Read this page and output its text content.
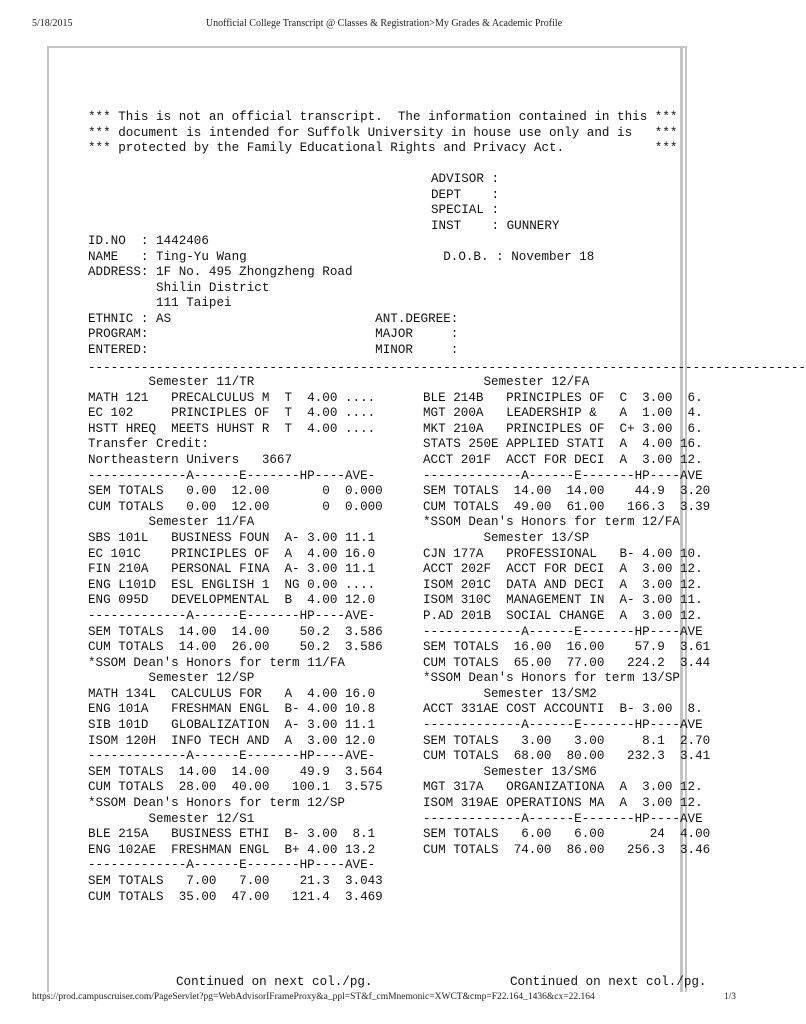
5/18/2015	Unofficial College Transcript @ Classes & Registration>My Grades & Academic Profile
*** This is not an official transcript.  The information contained in this ***
*** document is intended for Suffolk University in house use only and is   ***
*** protected by the Family Educational Rights and Privacy Act.            ***
ADVISOR :
DEPT    :
SPECIAL :
INST    : GUNNERY
ID.NO  : 1442406
NAME   : Ting-Yu Wang                          D.O.B. : November 18
ADDRESS: 1F No. 495 Zhongzheng Road
Shilin District
111 Taipei
ETHNIC : AS                           ANT.DEGREE:
PROGRAM:                              MAJOR     :
ENTERED:                              MINOR     :
-----------------------------------------------------------------------------------------------
Semester 11/TR
MATH 121   PRECALCULUS M  T  4.00 ....
EC 102     PRINCIPLES OF  T  4.00 ....
HSTT HREQ  MEETS HUHST R  T  4.00 ....
Transfer Credit:
Northeastern Univers   3667
-------------A------E-------HP----AVE-
SEM TOTALS   0.00  12.00       0  0.000
CUM TOTALS   0.00  12.00       0  0.000
Semester 11/FA
SBS 101L   BUSINESS FOUN  A- 3.00 11.1
EC 101C    PRINCIPLES OF  A  4.00 16.0
FIN 210A   PERSONAL FINA  A- 3.00 11.1
ENG L101D  ESL ENGLISH 1  NG 0.00 ....
ENG 095D   DEVELOPMENTAL  B  4.00 12.0
-------------A------E-------HP----AVE-
SEM TOTALS  14.00  14.00    50.2  3.586
CUM TOTALS  14.00  26.00    50.2  3.586
*SSOM Dean's Honors for term 11/FA
Semester 12/SP
MATH 134L  CALCULUS FOR   A  4.00 16.0
ENG 101A   FRESHMAN ENGL  B- 4.00 10.8
SIB 101D   GLOBALIZATION  A- 3.00 11.1
ISOM 120H  INFO TECH AND  A  3.00 12.0
-------------A------E-------HP----AVE-
SEM TOTALS  14.00  14.00    49.9  3.564
CUM TOTALS  28.00  40.00   100.1  3.575
*SSOM Dean's Honors for term 12/SP
Semester 12/S1
BLE 215A   BUSINESS ETHI  B- 3.00  8.1
ENG 102AE  FRESHMAN ENGL  B+ 4.00 13.2
-------------A------E-------HP----AVE-
SEM TOTALS   7.00   7.00    21.3  3.043
CUM TOTALS  35.00  47.00   121.4  3.469
Semester 12/FA
BLE 214B   PRINCIPLES OF  C  3.00  6.
MGT 200A   LEADERSHIP &   A  1.00  4.
MKT 210A   PRINCIPLES OF  C+ 3.00  6.
STATS 250E APPLIED STATI  A  4.00 16.
ACCT 201F  ACCT FOR DECI  A  3.00 12.
-------------A------E-------HP----AVE
SEM TOTALS  14.00  14.00    44.9  3.20
CUM TOTALS  49.00  61.00   166.3  3.39
*SSOM Dean's Honors for term 12/FA
Semester 13/SP
CJN 177A   PROFESSIONAL   B- 4.00 10.
ACCT 202F  ACCT FOR DECI  A  3.00 12.
ISOM 201C  DATA AND DECI  A  3.00 12.
ISOM 310C  MANAGEMENT IN  A- 3.00 11.
P.AD 201B  SOCIAL CHANGE  A  3.00 12.
-------------A------E-------HP----AVE
SEM TOTALS  16.00  16.00    57.9  3.61
CUM TOTALS  65.00  77.00   224.2  3.44
*SSOM Dean's Honors for term 13/SP
Semester 13/SM2
ACCT 331AE COST ACCOUNTI  B- 3.00  8.
-------------A------E-------HP----AVE
SEM TOTALS   3.00   3.00     8.1  2.70
CUM TOTALS  68.00  80.00   232.3  3.41
Semester 13/SM6
MGT 317A   ORGANIZATIONA  A  3.00 12.
ISOM 319AE OPERATIONS MA  A  3.00 12.
-------------A------E-------HP----AVE
SEM TOTALS   6.00   6.00      24  4.00
CUM TOTALS  74.00  86.00   256.3  3.46
Continued on next col./pg.	Continued on next col./pg.
https://prod.campuscruiser.com/PageServlet?pg=WebAdvisorIFrameProxy&a_ppl=ST&f_cmMnemonic=XWCT&cmp=F22.164_1436&cx=22.164	1/3
